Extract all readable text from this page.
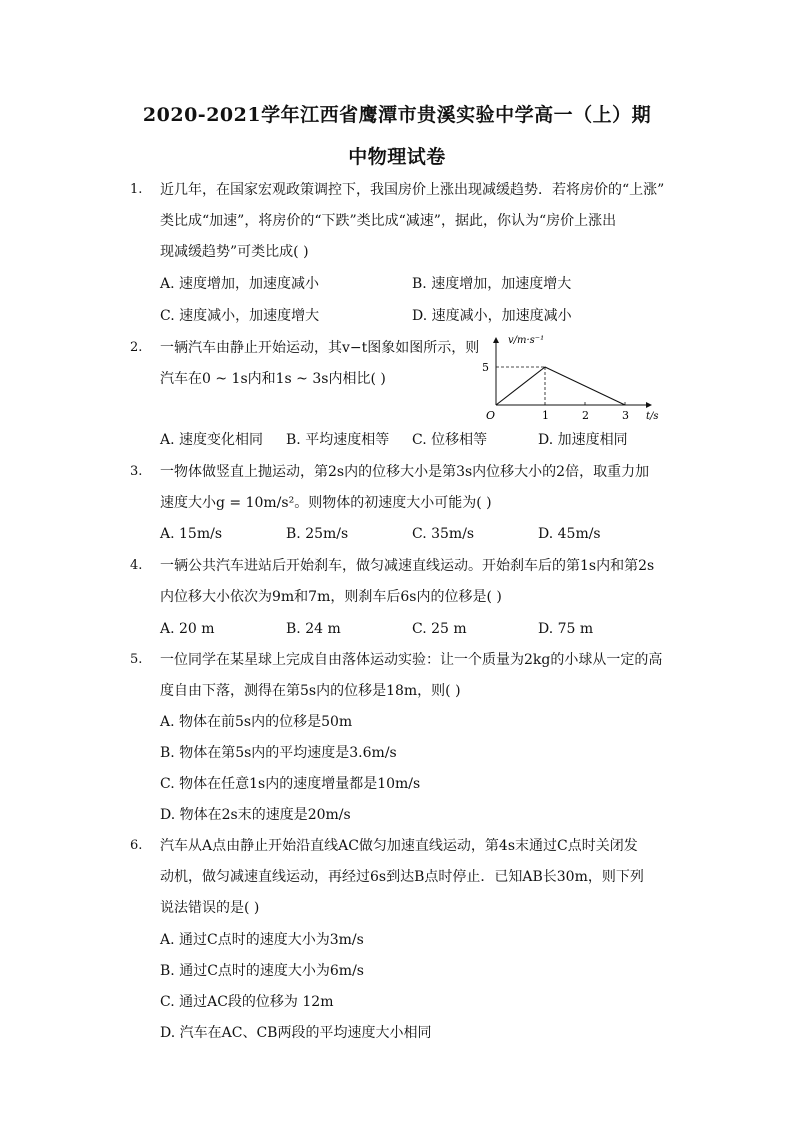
2020-2021学年江西省鹰潭市贵溪实验中学高一（上）期
中物理试卷
1. 近几年，在国家宏观政策调控下，我国房价上涨出现减缓趋势．若将房价的“上涨”
类比成“加速”，将房价的“下跌”类比成“减速”，据此，你认为“房价上涨出
现减缓趋势”可类比成( )
A. 速度增加，加速度减小	B. 速度增加，加速度增大
C. 速度减小，加速度增大	D. 速度减小，加速度减小
2. 一辆汽车由静止开始运动，其v−t图象如图所示，则
汽车在0 ~ 1s内和1s ~ 3s内相比( )
v/m·s⁻¹
5
O	1	2	3 t/s
A. 速度变化相同 B. 平均速度相等 C. 位移相等	D. 加速度相同
3. 一物体做竖直上抛运动，第2s内的位移大小是第3s内位移大小的2倍，取重力加
速度大小g = 10m/s²。则物体的初速度大小可能为( )
A. 15m/s	B. 25m/s	C. 35m/s	D. 45m/s
4. 一辆公共汽车进站后开始刹车，做匀减速直线运动。开始刹车后的第1s内和第2s
内位移大小依次为9m和7m，则刹车后6s内的位移是( )
A. 20 m	B. 24 m	C. 25 m	D. 75 m
5. 一位同学在某星球上完成自由落体运动实验：让一个质量为2kg的小球从一定的高
度自由下落，测得在第5s内的位移是18m，则( )
A. 物体在前5s内的位移是50m
B. 物体在第5s内的平均速度是3.6m/s
C. 物体在任意1s内的速度增量都是10m/s
D. 物体在2s末的速度是20m/s
6. 汽车从A点由静止开始沿直线AC做匀加速直线运动，第4s末通过C点时关闭发
动机，做匀减速直线运动，再经过6s到达B点时停止．已知AB长30m，则下列
说法错误的是( )
A. 通过C点时的速度大小为3m/s
B. 通过C点时的速度大小为6m/s
C. 通过AC段的位移为 12m
D. 汽车在AC、CB两段的平均速度大小相同
